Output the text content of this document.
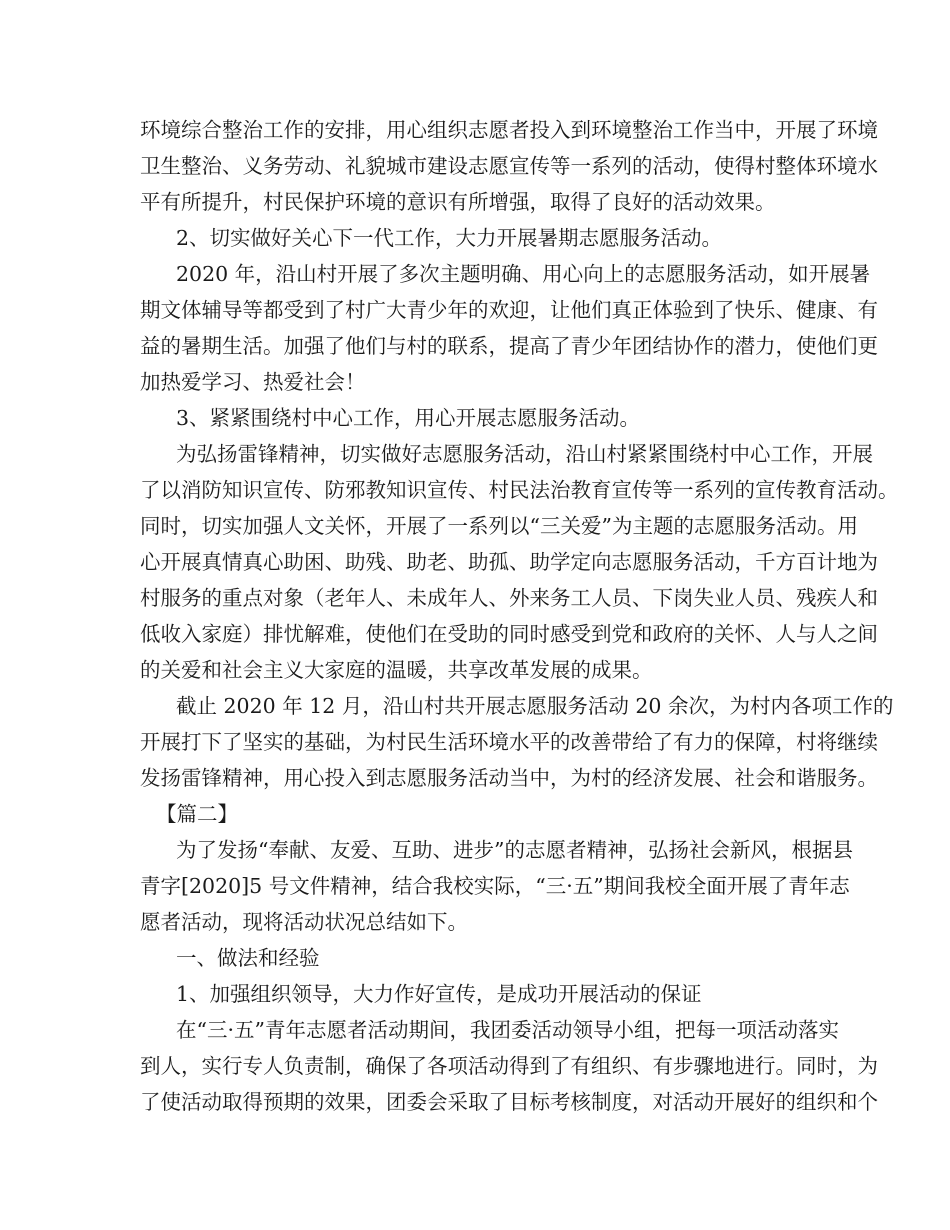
环境综合整治工作的安排，用心组织志愿者投入到环境整治工作当中，开展了环境
卫生整治、义务劳动、礼貌城市建设志愿宣传等一系列的活动，使得村整体环境水
平有所提升，村民保护环境的意识有所增强，取得了良好的活动效果。
2、切实做好关心下一代工作，大力开展暑期志愿服务活动。
2020 年，沿山村开展了多次主题明确、用心向上的志愿服务活动，如开展暑
期文体辅导等都受到了村广大青少年的欢迎，让他们真正体验到了快乐、健康、有
益的暑期生活。加强了他们与村的联系，提高了青少年团结协作的潜力，使他们更
加热爱学习、热爱社会！
3、紧紧围绕村中心工作，用心开展志愿服务活动。
为弘扬雷锋精神，切实做好志愿服务活动，沿山村紧紧围绕村中心工作，开展
了以消防知识宣传、防邪教知识宣传、村民法治教育宣传等一系列的宣传教育活动。
同时，切实加强人文关怀，开展了一系列以“三关爱”为主题的志愿服务活动。用
心开展真情真心助困、助残、助老、助孤、助学定向志愿服务活动，千方百计地为
村服务的重点对象（老年人、未成年人、外来务工人员、下岗失业人员、残疾人和
低收入家庭）排忧解难，使他们在受助的同时感受到党和政府的关怀、人与人之间
的关爱和社会主义大家庭的温暖，共享改革发展的成果。
截止 2020 年 12 月，沿山村共开展志愿服务活动 20 余次，为村内各项工作的
开展打下了坚实的基础，为村民生活环境水平的改善带给了有力的保障，村将继续
发扬雷锋精神，用心投入到志愿服务活动当中，为村的经济发展、社会和谐服务。
【篇二】
为了发扬“奉献、友爱、互助、进步”的志愿者精神，弘扬社会新风，根据县
青字[2020]5 号文件精神，结合我校实际，“三·五”期间我校全面开展了青年志
愿者活动，现将活动状况总结如下。
一、做法和经验
1、加强组织领导，大力作好宣传，是成功开展活动的保证
在“三·五”青年志愿者活动期间，我团委活动领导小组，把每一项活动落实
到人，实行专人负责制，确保了各项活动得到了有组织、有步骤地进行。同时，为
了使活动取得预期的效果，团委会采取了目标考核制度，对活动开展好的组织和个
